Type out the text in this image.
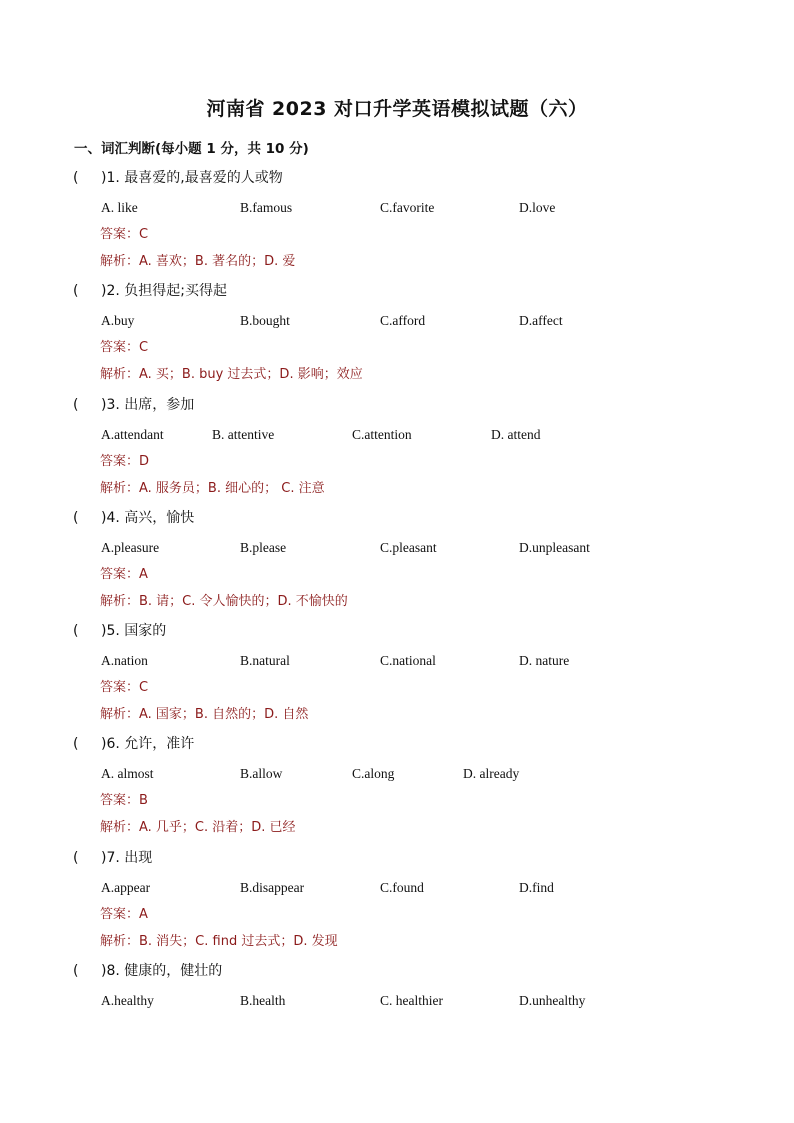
河南省 2023 对口升学英语模拟试题（六）
一、词汇判断(每小题 1 分，共 10 分)
( )1. 最喜爱的,最喜爱的人或物
A. like	B.famous	C.favorite	D.love
答案：C
解析：A. 喜欢；B. 著名的；D. 爱
( )2. 负担得起;买得起
A.buy	B.bought	C.afford	D.affect
答案：C
解析：A. 买；B. buy 过去式；D. 影响；效应
( )3. 出席，参加
A.attendant	B. attentive	C.attention	D. attend
答案：D
解析：A. 服务员；B. 细心的； C. 注意
( )4. 高兴，愉快
A.pleasure	B.please	C.pleasant	D.unpleasant
答案：A
解析：B. 请；C. 令人愉快的；D. 不愉快的
( )5. 国家的
A.nation	B.natural	C.national	D. nature
答案：C
解析：A. 国家；B. 自然的；D. 自然
( )6. 允许，准许
A. almost	B.allow	C.along	D. already
答案：B
解析：A. 几乎；C. 沿着；D. 已经
( )7. 出现
A.appear	B.disappear	C.found	D.find
答案：A
解析：B. 消失；C. find 过去式；D. 发现
( )8. 健康的，健壮的
A.healthy	B.health	C. healthier	D.unhealthy
